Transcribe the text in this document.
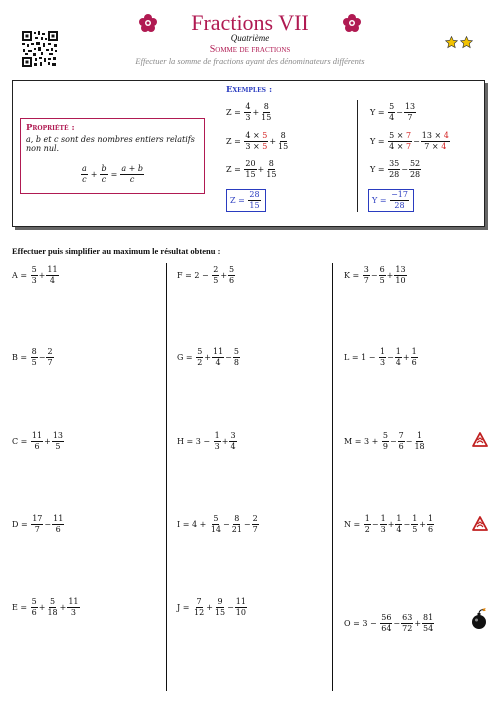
Fractions VII
Quatrième
Somme de fractions
Effectuer la somme de fractions ayant des dénominateurs différents
Propriété :
a, b et c sont des nombres entiers relatifs non nul.
$\frac{a}{c} + \frac{b}{c} = \frac{a + b}{c}$
Exemples :
Z =
$\frac{4}{3} + \frac{8}{15}$
Z =
$\frac{4 \times 5}{3 \times 5} + \frac{8}{15}$
Z =
$\frac{20}{15} + \frac{8}{15}$
Z =
$\frac{28}{15}$
Y =
$\frac{5}{4} - \frac{13}{7}$
Y =
$\frac{5 \times 7}{4 \times 7} - \frac{13 \times 4}{7 \times 4}$
Y =
$\frac{35}{28} - \frac{52}{28}$
Y =
$\frac{-17}{28}$
Effectuer puis simplifier au maximum le résultat obtenu :
A =
$\frac{5}{3} + \frac{11}{4}$
B =
$\frac{8}{5} - \frac{2}{7}$
C =
$\frac{11}{6} + \frac{13}{5}$
D =
$\frac{17}{7} - \frac{11}{6}$
E =
$\frac{5}{6} + \frac{5}{18} + \frac{11}{3}$
F = 2 −
$\frac{2}{5} + \frac{5}{6}$
G =
$\frac{5}{2} + \frac{11}{4} - \frac{5}{8}$
H = 3 −
$\frac{1}{3} + \frac{3}{4}$
I = 4 +
$\frac{5}{14} - \frac{8}{21} - \frac{2}{7}$
J =
$\frac{7}{12} + \frac{9}{15} - \frac{11}{10}$
K =
$\frac{3}{7} - \frac{6}{5} + \frac{13}{10}$
L = 1 −
$\frac{1}{3} - \frac{1}{4} + \frac{1}{6}$
M = 3 +
$\frac{5}{9} - \frac{7}{6} - \frac{1}{18}$
N =
$\frac{1}{2} - \frac{1}{3} + \frac{1}{4} - \frac{1}{5} + \frac{1}{6}$
O = 3 −
$\frac{56}{64} - \frac{63}{72} + \frac{81}{54}$
